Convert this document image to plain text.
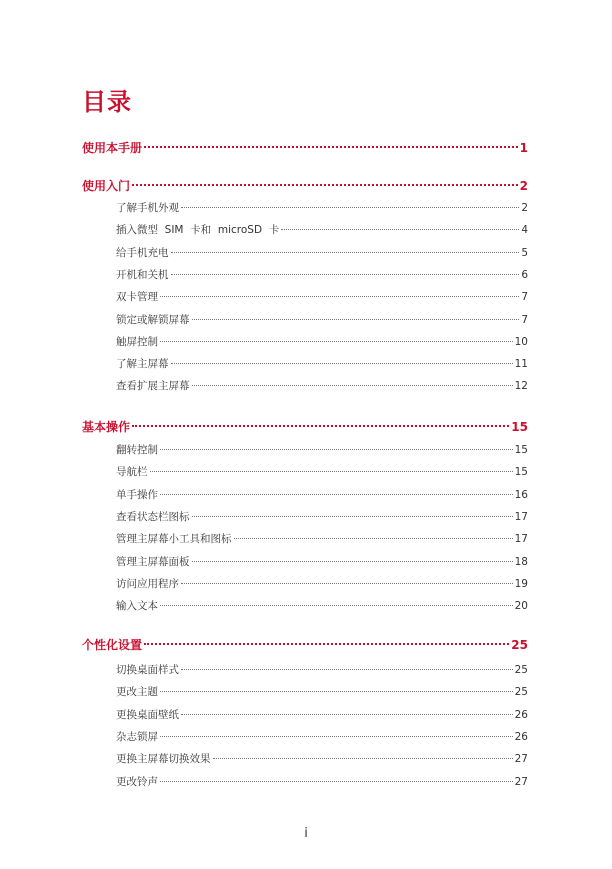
目录
使用本手册	1
使用入门	2
了解手机外观	2
插入微型  SIM  卡和  microSD  卡	4
给手机充电	5
开机和关机	6
双卡管理	7
锁定或解锁屏幕	7
触屏控制	10
了解主屏幕	11
查看扩展主屏幕	12
基本操作	15
翻转控制	15
导航栏	15
单手操作	16
查看状态栏图标	17
管理主屏幕小工具和图标	17
管理主屏幕面板	18
访问应用程序	19
输入文本	20
个性化设置	25
切换桌面样式	25
更改主题	25
更换桌面壁纸	26
杂志锁屏	26
更换主屏幕切换效果	27
更改铃声	27
i
